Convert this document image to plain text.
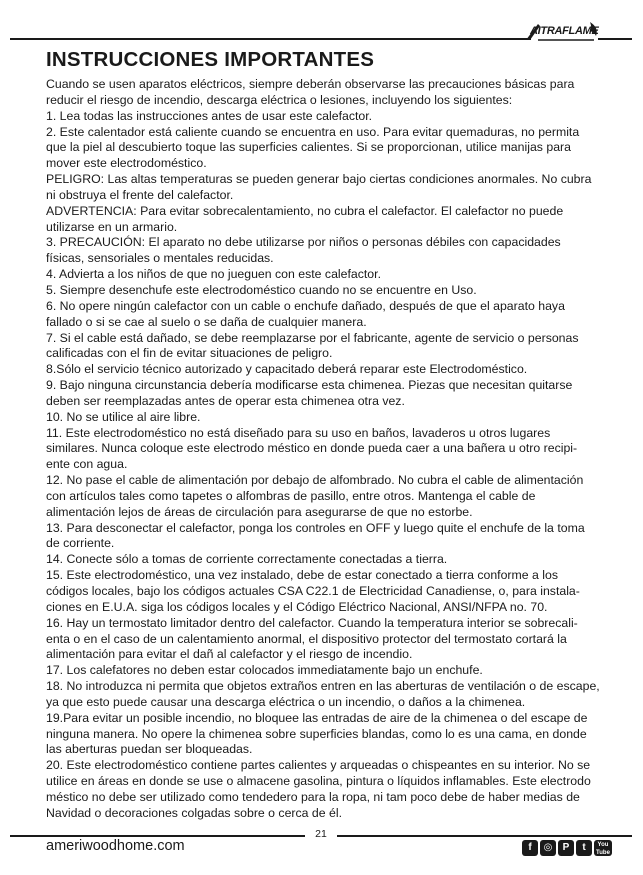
AITRAFLAME
INSTRUCCIONES IMPORTANTES

Cuando se usen aparatos eléctricos, siempre deberán observarse las precauciones básicas para reducir el riesgo de incendio, descarga eléctrica o lesiones, incluyendo los siguientes:

1. Lea todas las instrucciones antes de usar este calefactor.

2. Este calentador está caliente cuando se encuentra en uso. Para evitar quemaduras, no permita que la piel al descubierto toque las superficies calientes. Si se proporcionan, utilice manijas para mover este electrodoméstico.

PELIGRO: Las altas temperaturas se pueden generar bajo ciertas condiciones anormales. No cubra ni obstruya el frente del calefactor.

ADVERTENCIA: Para evitar sobrecalentamiento, no cubra el calefactor. El calefactor no puede utilizarse en un armario.

3. PRECAUCIÓN: El aparato no debe utilizarse por niños o personas débiles con capacidades físicas, sensoriales o mentales reducidas.

4. Advierta a los niños de que no jueguen con este calefactor.

5. Siempre desenchufe este electrodoméstico cuando no se encuentre en Uso.

6. No opere ningún calefactor con un cable o enchufe dañado, después de que el aparato haya fallado o si se cae al suelo o se daña de cualquier manera.

7. Si el cable está dañado, se debe reemplazarse por el fabricante, agente de servicio o personas calificadas con el fin de evitar situaciones de peligro.

8.Sólo el servicio técnico autorizado y capacitado deberá reparar este Electrodoméstico.

9. Bajo ninguna circunstancia debería modificarse esta chimenea. Piezas que necesitan quitarse deben ser reemplazadas antes de operar esta chimenea otra vez.

10. No se utilice al aire libre.

11. Este electrodoméstico no está diseñado para su uso en baños, lavaderos u otros lugares similares. Nunca coloque este electrodo méstico en donde pueda caer a una bañera u otro recipi-ente con agua.

12. No pase el cable de alimentación por debajo de alfombrado. No cubra el cable de alimentación con artículos tales como tapetes o alfombras de pasillo, entre otros. Mantenga el cable de alimentación lejos de áreas de circulación para asegurarse de que no estorbe.

13. Para desconectar el calefactor, ponga los controles en OFF y luego quite el enchufe de la toma de corriente.

14. Conecte sólo a tomas de corriente correctamente conectadas a tierra.

15. Este electrodoméstico, una vez instalado, debe de estar conectado a tierra conforme a los códigos locales, bajo los códigos actuales CSA C22.1 de Electricidad Canadiense, o, para instala-ciones en E.U.A. siga los códigos locales y el Código Eléctrico Nacional, ANSI/NFPA no. 70.

16. Hay un termostato limitador dentro del calefactor. Cuando la temperatura interior se sobrecali-enta o en el caso de un calentamiento anormal, el dispositivo protector del termostato cortará la alimentación para evitar el dañ al calefactor y el riesgo de incendio.

17. Los calefatores no deben estar colocados immediatamente bajo un enchufe.

18. No introduzca ni permita que objetos extraños entren en las aberturas de ventilación o de escape, ya que esto puede causar una descarga eléctrica o un incendio, o daños a la chimenea.

19.Para evitar un posible incendio, no bloquee las entradas de aire de la chimenea o del escape de ninguna manera. No opere la chimenea sobre superficies blandas, como lo es una cama, en donde las aberturas puedan ser bloqueadas.

20. Este electrodoméstico contiene partes calientes y arqueadas o chispeantes en su interior. No se utilice en áreas en donde se use o almacene gasolina, pintura o líquidos inflamables. Este electrodo méstico no debe ser utilizado como tendedero para la ropa, ni tam poco debe de haber medias de Navidad o decoraciones colgadas sobre o cerca de él.

21
ameriwoodhome.com	f	◎	P	t	You Tube
